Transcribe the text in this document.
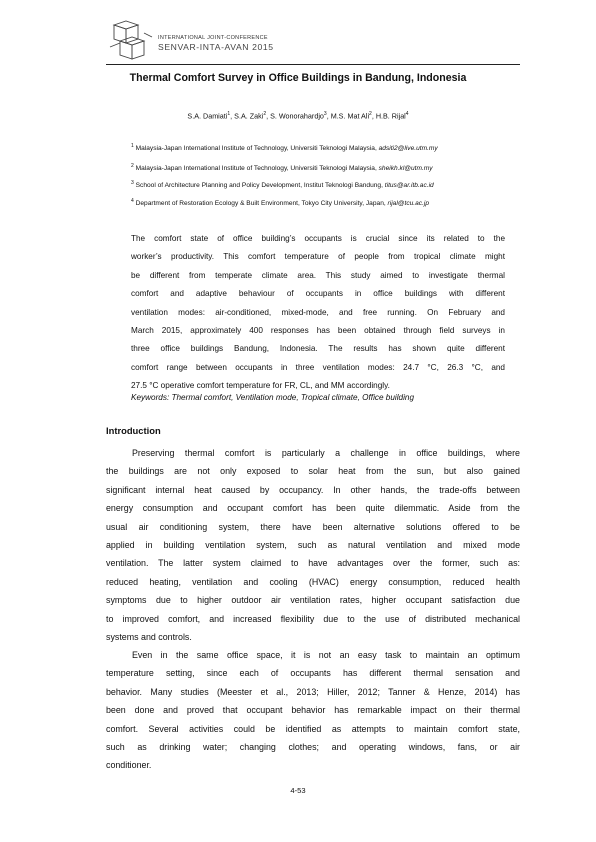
INTERNATIONAL JOINT-CONFERENCE
SENVAR-INTA-AVAN 2015
Thermal Comfort Survey in Office Buildings in Bandung, Indonesia
S.A. Damiati$^1$, S.A. Zaki$^2$, S. Wonorahardjo$^3$, M.S. Mat Ali$^2$, H.B. Rijal$^4$
$^1$ Malaysia-Japan International Institute of Technology, Universiti Teknologi Malaysia, adsiti2@live.utm.my
$^2$ Malaysia-Japan International Institute of Technology, Universiti Teknologi Malaysia, sheikh.kl@utm.my
$^3$ School of Architecture Planning and Policy Development, Institut Teknologi Bandung, titus@ar.itb.ac.id
$^4$ Department of Restoration Ecology & Built Environment, Tokyo City University, Japan, rijal@tcu.ac.jp
The comfort state of office building’s occupants is crucial since its related to the
worker’s productivity. This comfort temperature of people from tropical climate might
be different from temperate climate area. This study aimed to investigate thermal
comfort and adaptive behaviour of occupants in office buildings with different
ventilation modes: air-conditioned, mixed-mode, and free running. On February and
March 2015, approximately 400 responses has been obtained through field surveys in
three office buildings Bandung, Indonesia. The results has shown quite different
comfort range between occupants in three ventilation modes: 24.7 °C, 26.3 °C, and
27.5 °C operative comfort temperature for FR, CL, and MM accordingly.
Keywords: Thermal comfort, Ventilation mode, Tropical climate, Office building
Introduction
Preserving thermal comfort is particularly a challenge in office buildings, where
the buildings are not only exposed to solar heat from the sun, but also gained
significant internal heat caused by occupancy. In other hands, the trade-offs between
energy consumption and occupant comfort has been quite dilemmatic. Aside from the
usual air conditioning system, there have been alternative solutions offered to be
applied in building ventilation system, such as natural ventilation and mixed mode
ventilation. The latter system claimed to have advantages over the former, such as:
reduced heating, ventilation and cooling (HVAC) energy consumption, reduced health
symptoms due to higher outdoor air ventilation rates, higher occupant satisfaction due
to improved comfort, and increased flexibility due to the use of distributed mechanical
systems and controls.
Even in the same office space, it is not an easy task to maintain an optimum
temperature setting, since each of occupants has different thermal sensation and
behavior. Many studies (Meester et al., 2013; Hiller, 2012; Tanner & Henze, 2014) has
been done and proved that occupant behavior has remarkable impact on their thermal
comfort. Several activities could be identified as attempts to maintain comfort state,
such as drinking water; changing clothes; and operating windows, fans, or air
conditioner.
4-53
